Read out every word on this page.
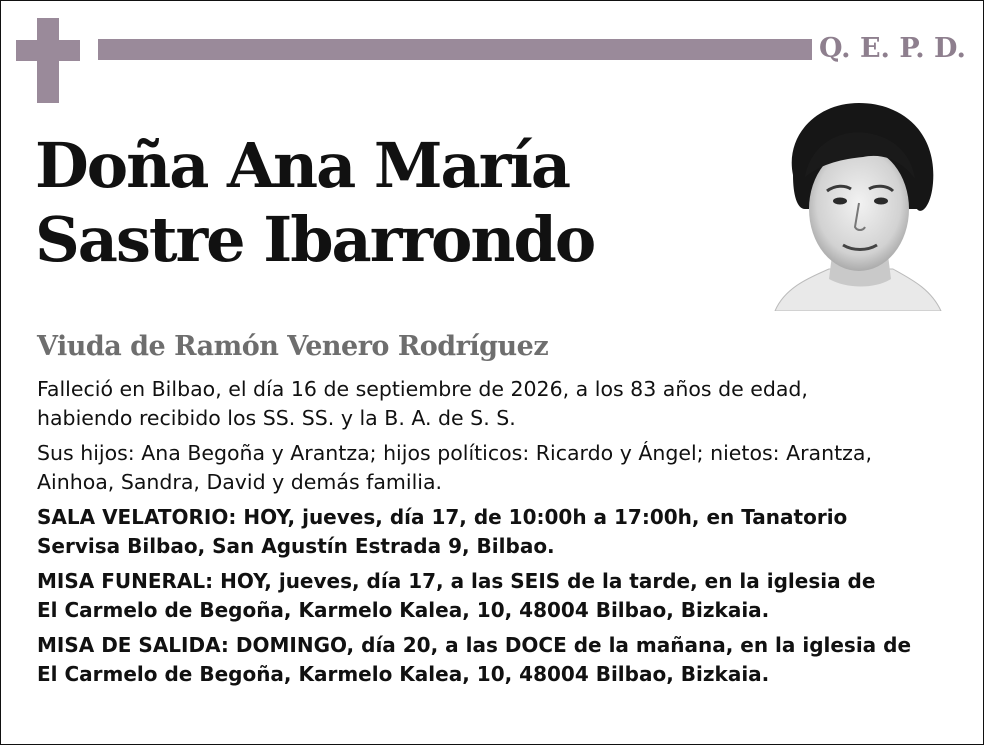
Q. E. P. D.
Doña Ana María
Sastre Ibarrondo
Viuda de Ramón Venero Rodríguez
Falleció en Bilbao, el día 16 de septiembre de 2026, a los 83 años de edad,
habiendo recibido los SS. SS. y la B. A. de S. S.
Sus hijos: Ana Begoña y Arantza; hijos políticos: Ricardo y Ángel; nietos: Arantza,
Ainhoa, Sandra, David y demás familia.
SALA VELATORIO: HOY, jueves, día 17, de 10:00h a 17:00h, en Tanatorio
Servisa Bilbao, San Agustín Estrada 9, Bilbao.
MISA FUNERAL: HOY, jueves, día 17, a las SEIS de la tarde, en la iglesia de
El Carmelo de Begoña, Karmelo Kalea, 10, 48004 Bilbao, Bizkaia.
MISA DE SALIDA: DOMINGO, día 20, a las DOCE de la mañana, en la iglesia de
El Carmelo de Begoña, Karmelo Kalea, 10, 48004 Bilbao, Bizkaia.
